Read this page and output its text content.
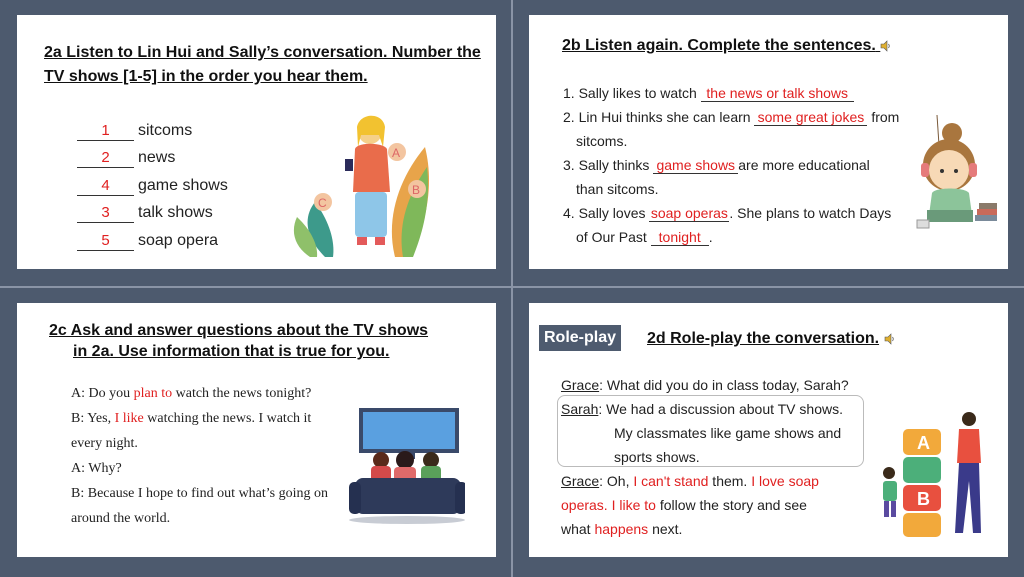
2a Listen to Lin Hui and Sally’s conversation. Number the TV shows [1-5] in the order you hear them.
1	sitcoms
2	news
4	game shows
3	talk shows
5	soap opera
C
B
A
2b Listen again. Complete the sentences.
1. Sally likes to watch the news or talk shows
2. Lin Hui thinks she can learn some great jokes from
sitcoms.
3. Sally thinks game shows are more educational
than sitcoms.
4. Sally loves soap operas. She plans to watch Days
of Our Past tonight .
2c Ask and answer questions about the TV shows
in 2a. Use information that is true for you.
A: Do you plan to watch the news tonight?
B: Yes, I like watching the news. I watch it every night.
A: Why?
B: Because I hope to find out what’s going on around the world.
Role-play	2d Role-play the conversation.
Grace: What did you do in class today, Sarah?
Sarah: We had a discussion about TV shows.
My classmates like game shows and
sports shows.
Grace: Oh, I can't stand them. I love soap
operas. I like to follow the story and see
what happens next.
A
B
